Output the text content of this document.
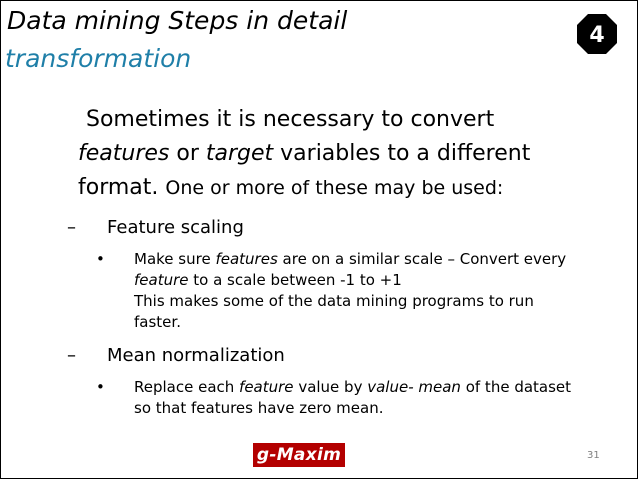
Data mining Steps in detail
transformation
4
Sometimes it is necessary to convert
features or target variables to a different
format. One or more of these may be used:
– Feature scaling
• Make sure features are on a similar scale – Convert every
feature to a scale between -1 to +1
This makes some of the data mining programs to run
faster.
– Mean normalization
• Replace each feature value by value- mean of the dataset
so that features have zero mean.
g-Maxim	31
